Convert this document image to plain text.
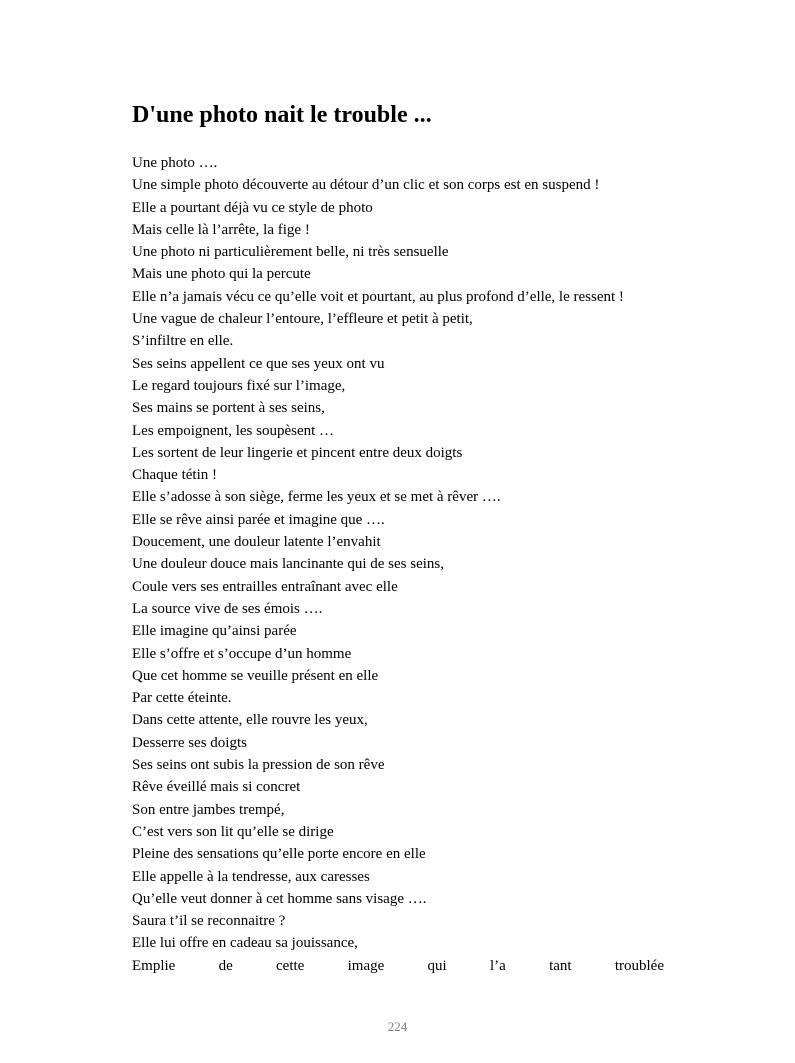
D'une photo nait le trouble ...
Une photo ….
Une simple photo découverte au détour d’un clic et son corps est en suspend !
Elle a pourtant déjà vu ce style de photo
Mais celle là l’arrête, la fige !
Une photo ni particulièrement belle, ni très sensuelle
Mais une photo qui la percute
Elle n’a jamais vécu ce qu’elle voit et pourtant, au plus profond d’elle, le ressent !
Une vague de chaleur l’entoure, l’effleure et petit à petit,
S’infiltre en elle.
Ses seins appellent ce que ses yeux ont vu
Le regard toujours fixé sur l’image,
Ses mains se portent à ses seins,
Les empoignent, les soupèsent …
Les sortent de leur lingerie et pincent entre deux doigts
Chaque tétin !
Elle s’adosse à son siège, ferme les yeux et se met à rêver ….
Elle se rêve ainsi parée et imagine que ….
Doucement, une douleur latente l’envahit
Une douleur douce mais lancinante qui de ses seins,
Coule vers ses entrailles entraînant avec elle
La source vive de ses émois ….
Elle imagine qu’ainsi parée
Elle s’offre et s’occupe d’un homme
Que cet homme se veuille présent en elle
Par cette éteinte.
Dans cette attente, elle rouvre les yeux,
Desserre ses doigts
Ses seins ont subis la pression de son rêve
Rêve éveillé mais si concret
Son entre jambes trempé,
C’est vers son lit qu’elle se dirige
Pleine des sensations qu’elle porte encore en elle
Elle appelle à la tendresse, aux caresses
Qu’elle veut donner à cet homme sans visage ….
Saura t’il se reconnaitre ?
Elle lui offre en cadeau sa jouissance,
Emplie de cette image qui l’a tant troublée
224
